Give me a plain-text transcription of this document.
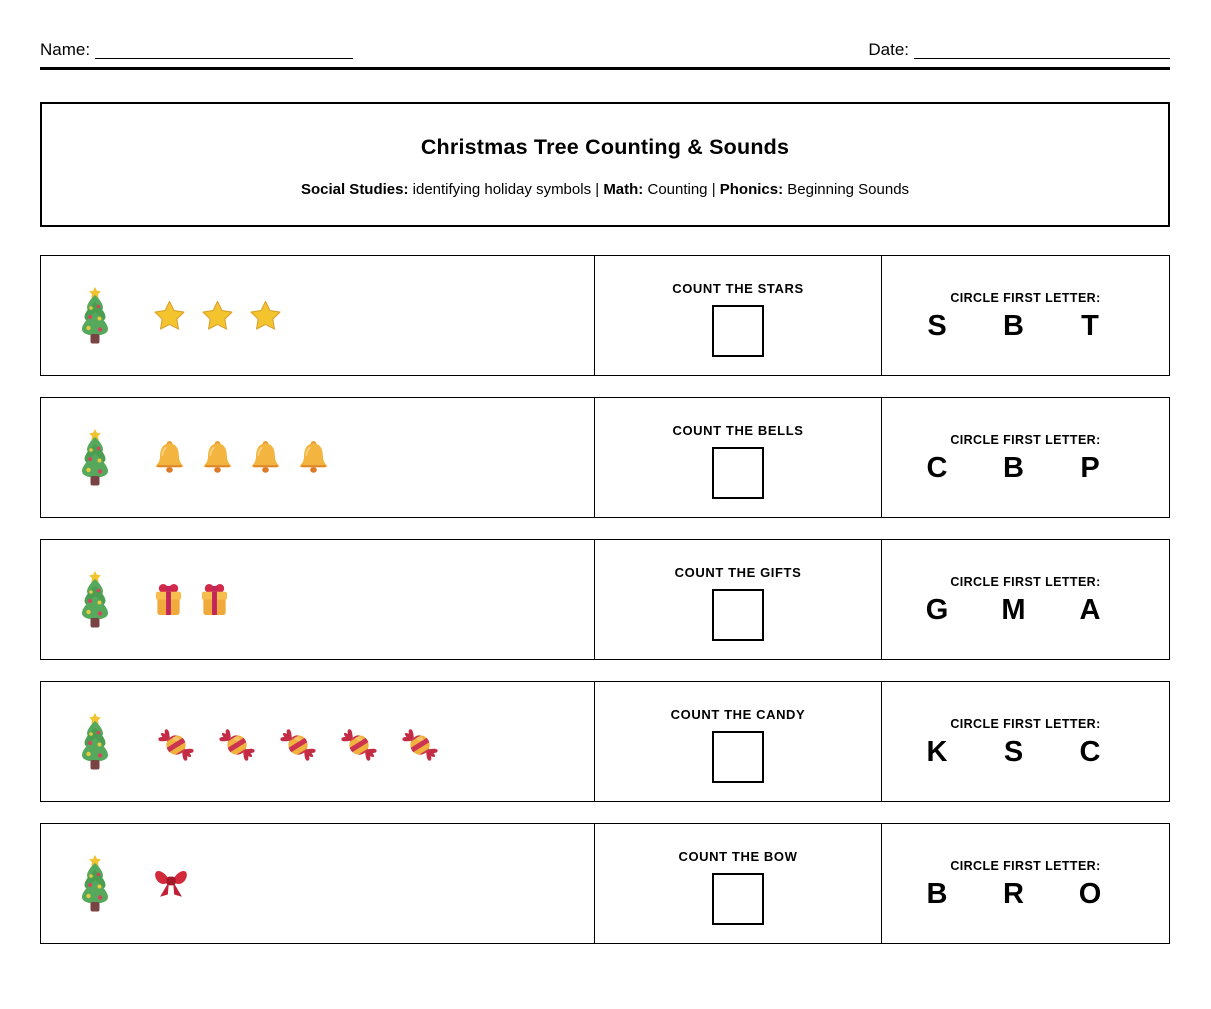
Name:	Date:
Christmas Tree Counting & Sounds

Social Studies: identifying holiday symbols | Math: Counting | Phonics: Beginning Sounds

COUNT THE STARS
CIRCLE FIRST LETTER:
S B T
COUNT THE BELLS
CIRCLE FIRST LETTER:
C B P
COUNT THE GIFTS
CIRCLE FIRST LETTER:
G M A
COUNT THE CANDY
CIRCLE FIRST LETTER:
K S C
COUNT THE BOW
CIRCLE FIRST LETTER:
B R O
